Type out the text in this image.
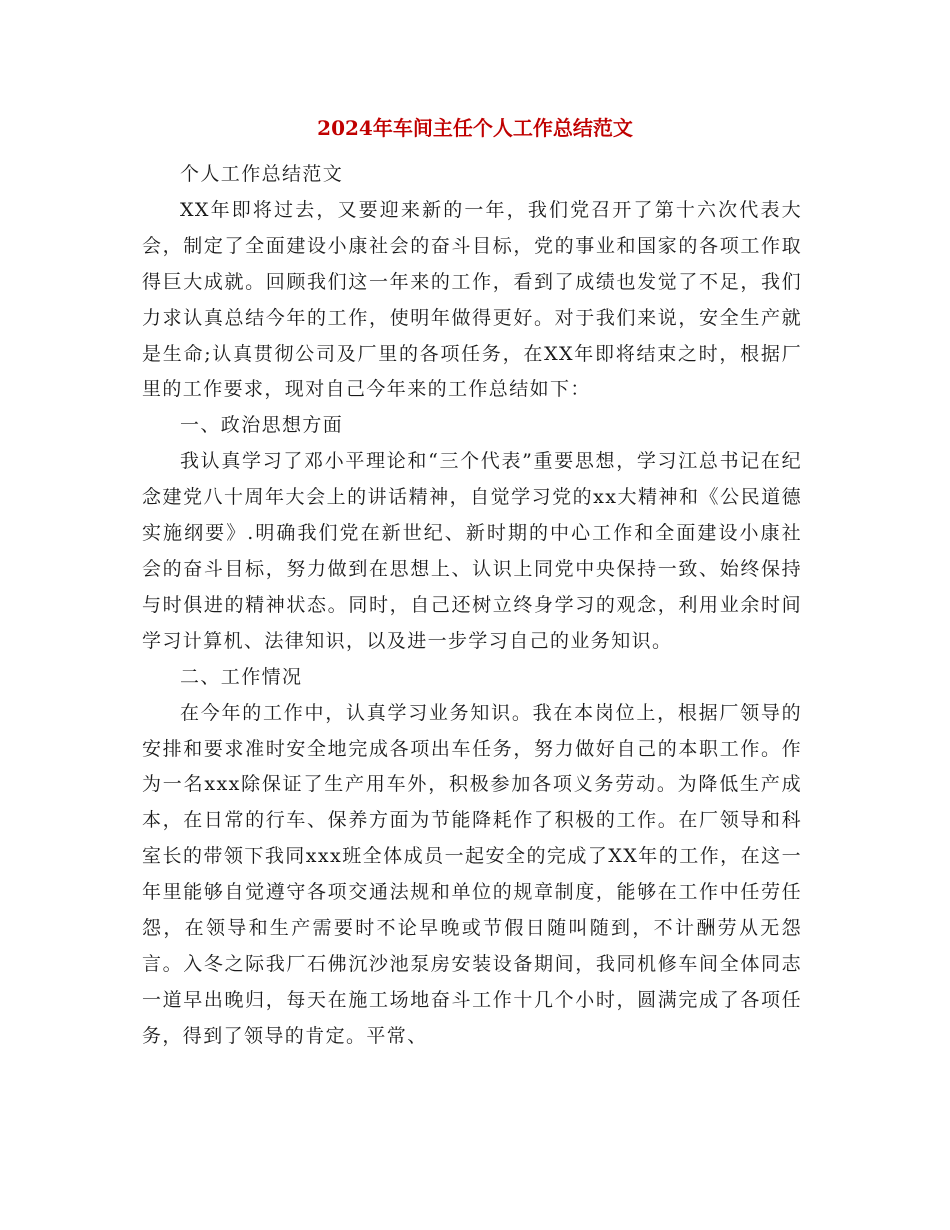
2024年车间主任个人工作总结范文

个人工作总结范文

XX年即将过去，又要迎来新的一年，我们党召开了第十六次代表大会，制定了全面建设小康社会的奋斗目标，党的事业和国家的各项工作取得巨大成就。回顾我们这一年来的工作，看到了成绩也发觉了不足，我们力求认真总结今年的工作，使明年做得更好。对于我们来说，安全生产就是生命;认真贯彻公司及厂里的各项任务，在XX年即将结束之时，根据厂里的工作要求，现对自己今年来的工作总结如下：

一、政治思想方面

我认真学习了邓小平理论和“三个代表”重要思想，学习江总书记在纪念建党八十周年大会上的讲话精神，自觉学习党的xx大精神和《公民道德实施纲要》.明确我们党在新世纪、新时期的中心工作和全面建设小康社会的奋斗目标，努力做到在思想上、认识上同党中央保持一致、始终保持与时俱进的精神状态。同时，自己还树立终身学习的观念，利用业余时间学习计算机、法律知识，以及进一步学习自己的业务知识。

二、工作情况

在今年的工作中，认真学习业务知识。我在本岗位上，根据厂领导的安排和要求准时安全地完成各项出车任务，努力做好自己的本职工作。作为一名xxx除保证了生产用车外，积极参加各项义务劳动。为降低生产成本，在日常的行车、保养方面为节能降耗作了积极的工作。在厂领导和科室长的带领下我同xxx班全体成员一起安全的完成了XX年的工作，在这一年里能够自觉遵守各项交通法规和单位的规章制度，能够在工作中任劳任怨，在领导和生产需要时不论早晚或节假日随叫随到，不计酬劳从无怨言。入冬之际我厂石佛沉沙池泵房安装设备期间，我同机修车间全体同志一道早出晚归，每天在施工场地奋斗工作十几个小时，圆满完成了各项任务，得到了领导的肯定。平常、
